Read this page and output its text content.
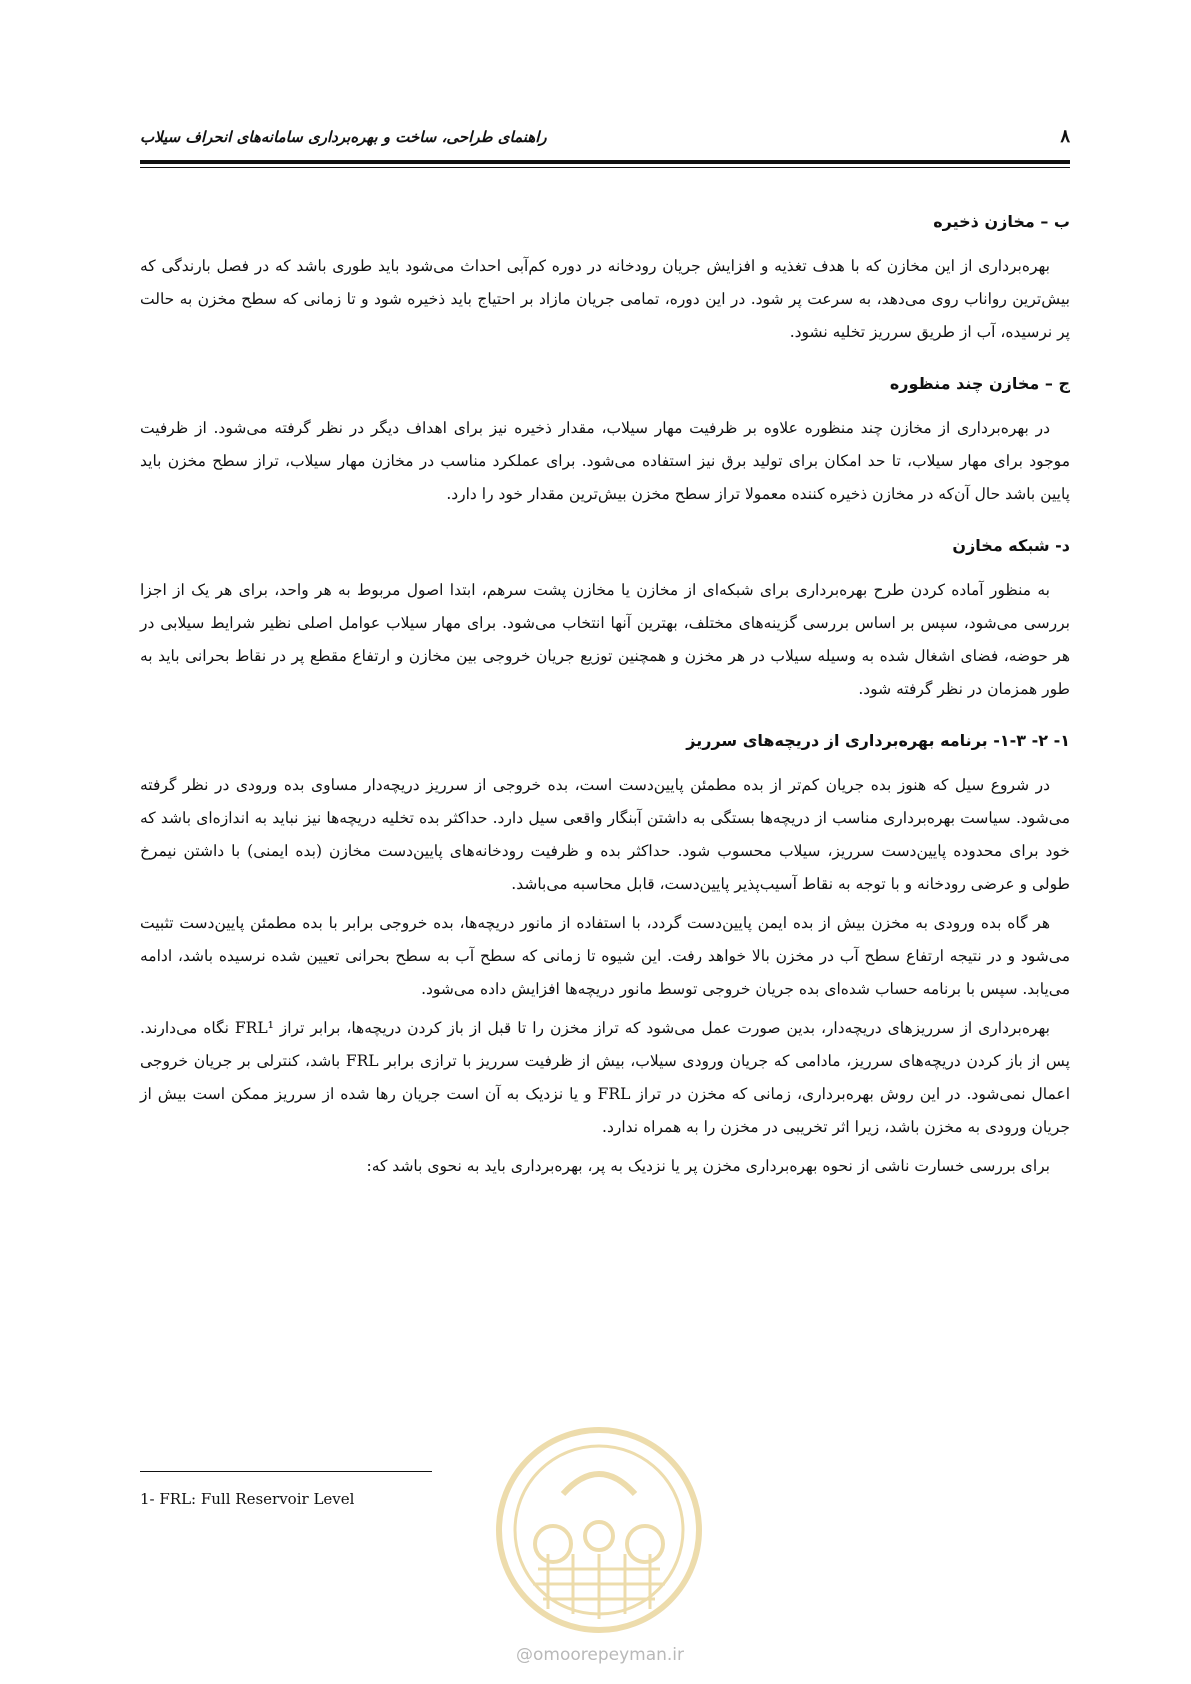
راهنمای طراحی، ساخت و بهره‌برداری سامانه‌های انحراف سیلاب	۸
ب – مخازن ذخیره

بهره‌برداری از این مخازن که با هدف تغذیه و افزایش جریان رودخانه در دوره کم‌آبی احداث می‌شود باید طوری باشد که در فصل بارندگی که بیش‌ترین رواناب روی می‌دهد، به سرعت پر شود. در این دوره، تمامی جریان مازاد بر احتیاج باید ذخیره شود و تا زمانی که سطح مخزن به حالت پر نرسیده، آب از طریق سرریز تخلیه نشود.

ج – مخازن چند منظوره

در بهره‌برداری از مخازن چند منظوره علاوه بر ظرفیت مهار سیلاب، مقدار ذخیره نیز برای اهداف دیگر در نظر گرفته می‌شود. از ظرفیت موجود برای مهار سیلاب، تا حد امکان برای تولید برق نیز استفاده می‌شود. برای عملکرد مناسب در مخازن مهار سیلاب، تراز سطح مخزن باید پایین باشد حال آن‌که در مخازن ذخیره کننده معمولا تراز سطح مخزن بیش‌ترین مقدار خود را دارد.

د- شبکه مخازن

به منظور آماده کردن طرح بهره‌برداری برای شبکه‌ای از مخازن یا مخازن پشت سرهم، ابتدا اصول مربوط به هر واحد، برای هر یک از اجزا بررسی می‌شود، سپس بر اساس بررسی گزینه‌های مختلف، بهترین آنها انتخاب می‌شود. برای مهار سیلاب عوامل اصلی نظیر شرایط سیلابی در هر حوضه، فضای اشغال شده به وسیله سیلاب در هر مخزن و همچنین توزیع جریان خروجی بین مخازن و ارتفاع مقطع پر در نقاط بحرانی باید به طور همزمان در نظر گرفته شود.

۱- ۲- ۱-۳- برنامه بهره‌برداری از دریچه‌های سرریز

در شروع سیل که هنوز بده جریان کم‌تر از بده مطمئن پایین‌دست است، بده خروجی از سرریز دریچه‌دار مساوی بده ورودی در نظر گرفته می‌شود. سیاست بهره‌برداری مناسب از دریچه‌ها بستگی به داشتن آبنگار واقعی سیل دارد. حداکثر بده تخلیه دریچه‌ها نیز نباید به اندازه‌ای باشد که خود برای محدوده پایین‌دست سرریز، سیلاب محسوب شود. حداکثر بده و ظرفیت رودخانه‌های پایین‌دست مخازن (بده ایمنی) با داشتن نیمرخ طولی و عرضی رودخانه و با توجه به نقاط آسیب‌پذیر پایین‌دست، قابل محاسبه می‌باشد.

هر گاه بده ورودی به مخزن بیش از بده ایمن پایین‌دست گردد، با استفاده از مانور دریچه‌ها، بده خروجی برابر با بده مطمئن پایین‌دست تثبیت می‌شود و در نتیجه ارتفاع سطح آب در مخزن بالا خواهد رفت. این شیوه تا زمانی که سطح آب به سطح بحرانی تعیین شده نرسیده باشد، ادامه می‌یابد. سپس با برنامه حساب شده‌ای بده جریان خروجی توسط مانور دریچه‌ها افزایش داده می‌شود.

بهره‌برداری از سرریزهای دریچه‌دار، بدین صورت عمل می‌شود که تراز مخزن را تا قبل از باز کردن دریچه‌ها، برابر تراز FRL¹ نگاه می‌دارند. پس از باز کردن دریچه‌های سرریز، مادامی که جریان ورودی سیلاب، بیش از ظرفیت سرریز با ترازی برابر FRL باشد، کنترلی بر جریان خروجی اعمال نمی‌شود. در این روش بهره‌برداری، زمانی که مخزن در تراز FRL و یا نزدیک به آن است جریان رها شده از سرریز ممکن است بیش از جریان ورودی به مخزن باشد، زیرا اثر تخریبی در مخزن را به همراه ندارد.

برای بررسی خسارت ناشی از نحوه بهره‌برداری مخزن پر یا نزدیک به پر، بهره‌برداری باید به نحوی باشد که:

1- FRL: Full Reservoir Level
@omoorepeyman.ir
